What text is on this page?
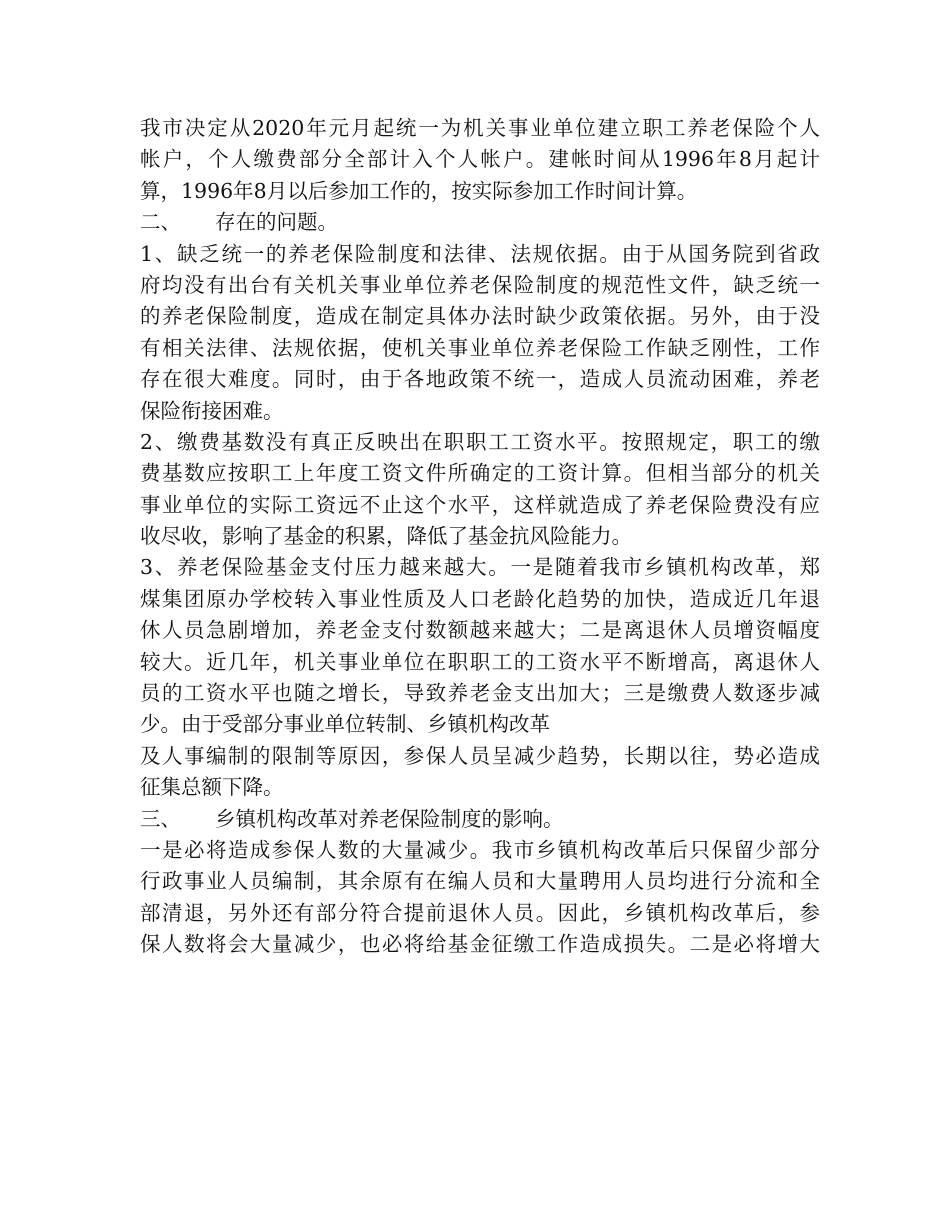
我市决定从2020年元月起统一为机关事业单位建立职工养老保险个人
帐户，个人缴费部分全部计入个人帐户。建帐时间从1996年8月起计
算，1996年8月以后参加工作的，按实际参加工作时间计算。
二、 存在的问题。
1、缺乏统一的养老保险制度和法律、法规依据。由于从国务院到省政
府均没有出台有关机关事业单位养老保险制度的规范性文件，缺乏统一
的养老保险制度，造成在制定具体办法时缺少政策依据。另外，由于没
有相关法律、法规依据，使机关事业单位养老保险工作缺乏刚性，工作
存在很大难度。同时，由于各地政策不统一，造成人员流动困难，养老
保险衔接困难。
2、缴费基数没有真正反映出在职职工工资水平。按照规定，职工的缴
费基数应按职工上年度工资文件所确定的工资计算。但相当部分的机关
事业单位的实际工资远不止这个水平，这样就造成了养老保险费没有应
收尽收，影响了基金的积累，降低了基金抗风险能力。
3、养老保险基金支付压力越来越大。一是随着我市乡镇机构改革，郑
煤集团原办学校转入事业性质及人口老龄化趋势的加快，造成近几年退
休人员急剧增加，养老金支付数额越来越大；二是离退休人员增资幅度
较大。近几年，机关事业单位在职职工的工资水平不断增高，离退休人
员的工资水平也随之增长，导致养老金支出加大；三是缴费人数逐步减
少。由于受部分事业单位转制、乡镇机构改革
及人事编制的限制等原因，参保人员呈减少趋势，长期以往，势必造成
征集总额下降。
三、 乡镇机构改革对养老保险制度的影响。
一是必将造成参保人数的大量减少。我市乡镇机构改革后只保留少部分
行政事业人员编制，其余原有在编人员和大量聘用人员均进行分流和全
部清退，另外还有部分符合提前退休人员。因此，乡镇机构改革后，参
保人数将会大量减少，也必将给基金征缴工作造成损失。二是必将增大
